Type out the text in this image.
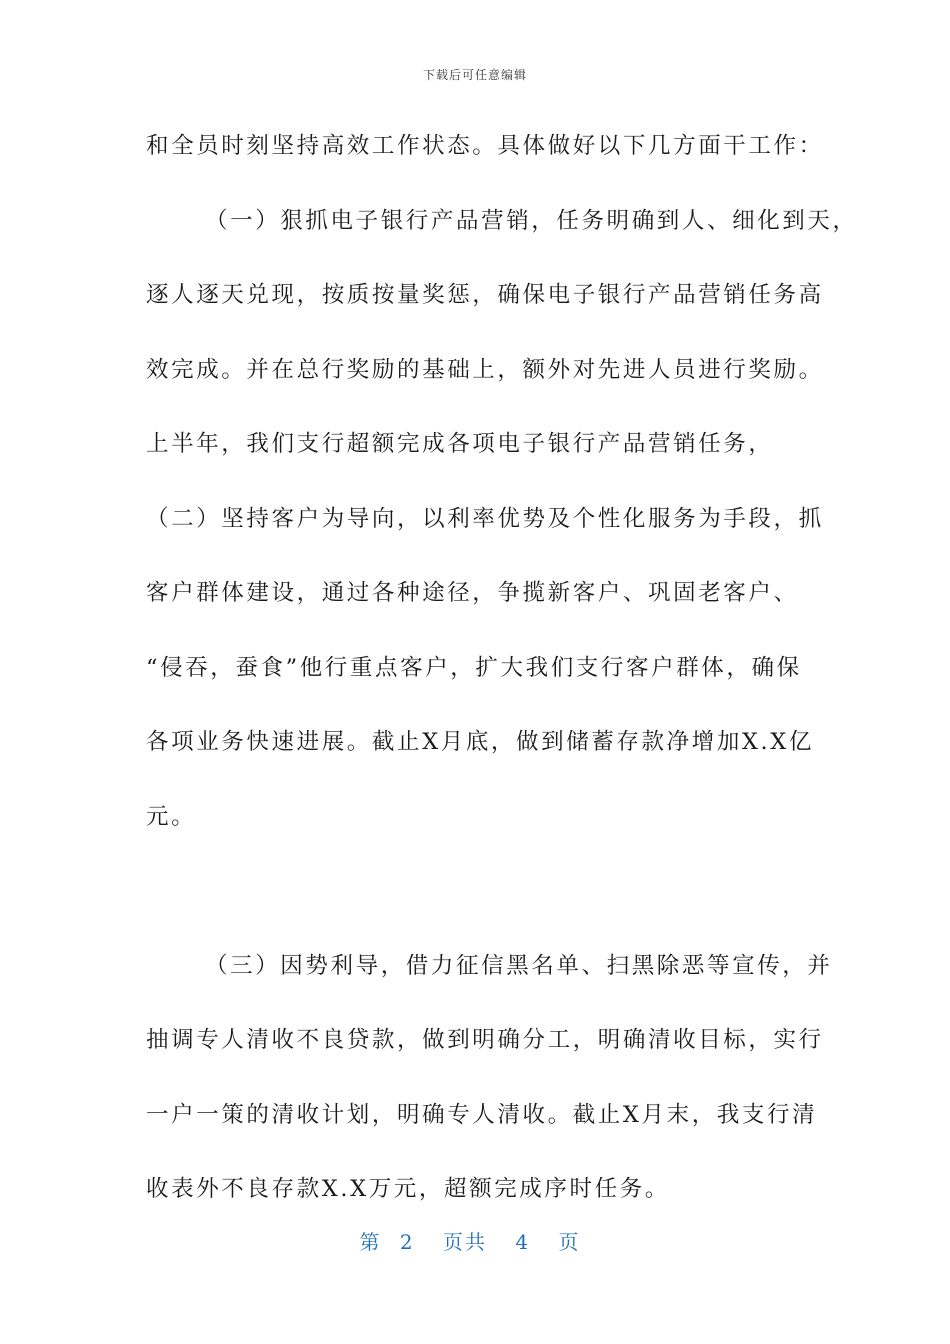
下载后可任意编辑
和全员时刻坚持高效工作状态。具体做好以下几方面干工作：
（一）狠抓电子银行产品营销，任务明确到人、细化到天，
逐人逐天兑现，按质按量奖惩，确保电子银行产品营销任务高
效完成。并在总行奖励的基础上，额外对先进人员进行奖励。
上半年，我们支行超额完成各项电子银行产品营销任务，
（二）坚持客户为导向，以利率优势及个性化服务为手段，抓
客户群体建设，通过各种途径，争揽新客户、巩固老客户、
“侵吞，蚕食”他行重点客户，扩大我们支行客户群体，确保
各项业务快速进展。截止X月底，做到储蓄存款净增加X.X亿
元。
（三）因势利导，借力征信黑名单、扫黑除恶等宣传，并
抽调专人清收不良贷款，做到明确分工，明确清收目标，实行
一户一策的清收计划，明确专人清收。截止X月末，我支行清
收表外不良存款X.X万元，超额完成序时任务。
第 2 页共 4 页
